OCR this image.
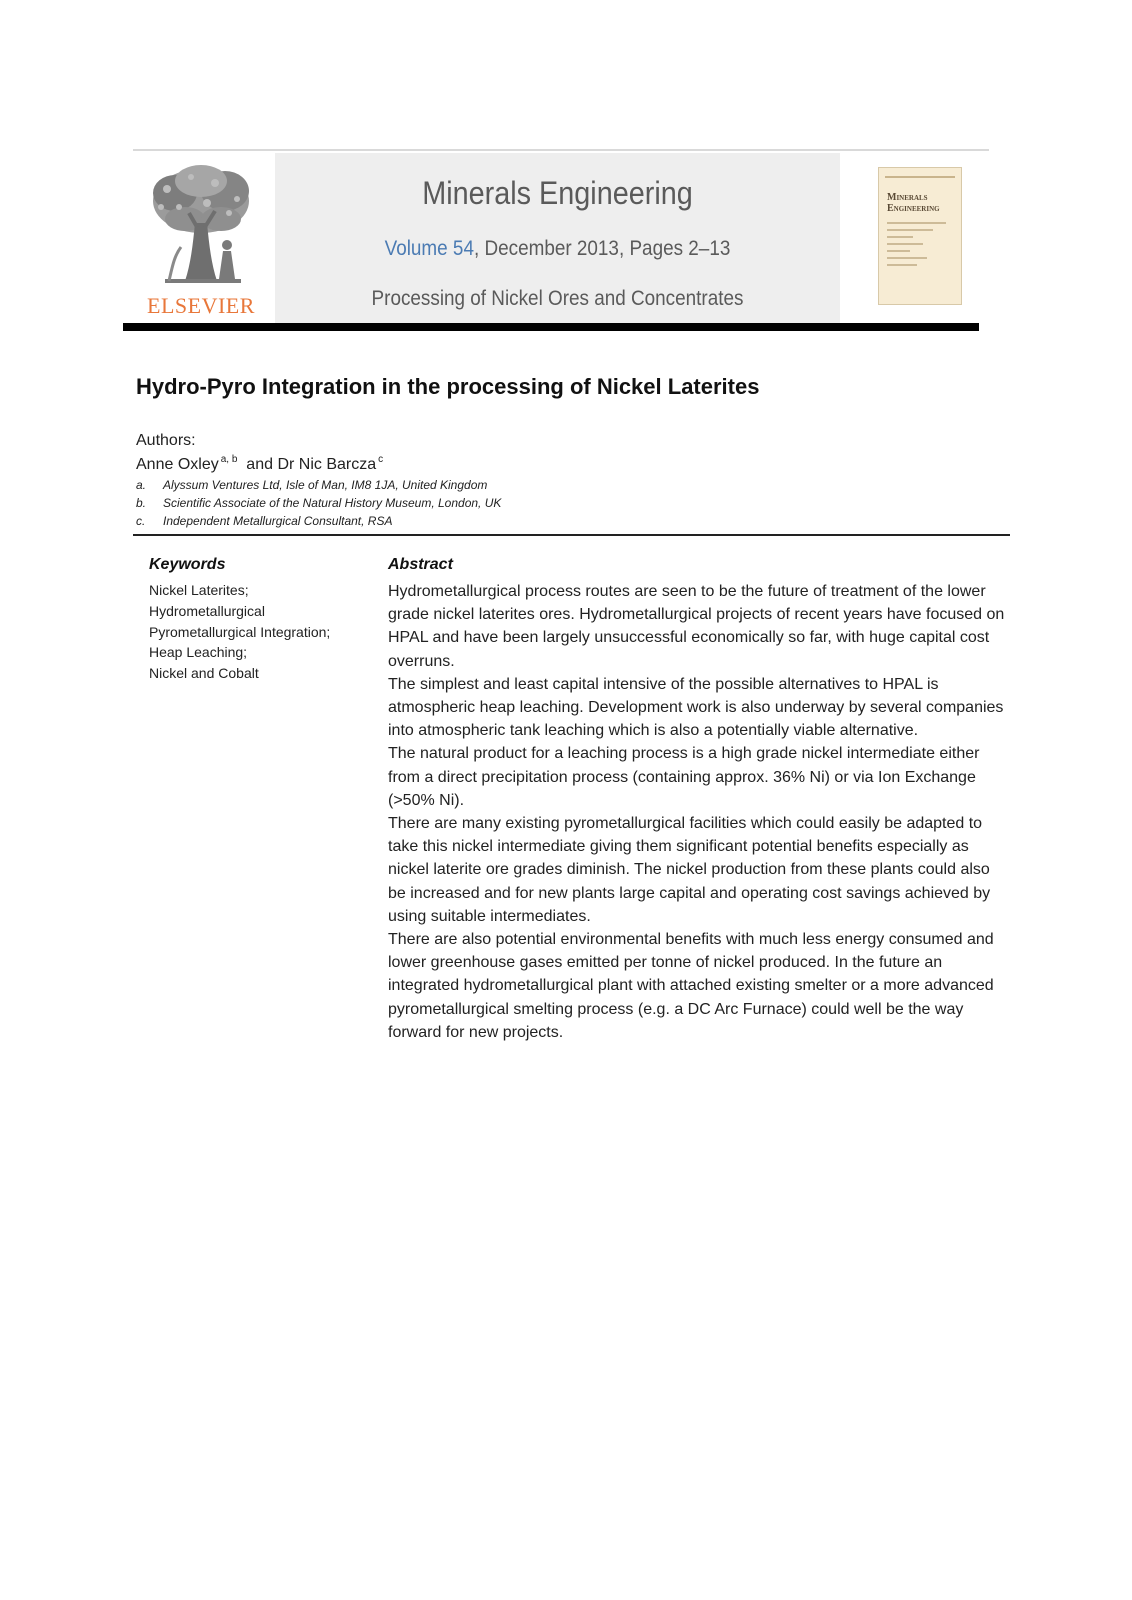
ELSEVIER
Minerals Engineering
Volume 54, December 2013, Pages 2–13
Processing of Nickel Ores and Concentrates
Minerals
Engineering
Hydro-Pyro Integration in the processing of Nickel Laterites
Authors:
Anne Oxley $^{a, b}$ and Dr Nic Barcza $^c$
a. Alyssum Ventures Ltd, Isle of Man, IM8 1JA, United Kingdom
b. Scientific Associate of the Natural History Museum, London, UK
c. Independent Metallurgical Consultant, RSA
Keywords
Nickel Laterites;
Hydrometallurgical
Pyrometallurgical Integration;
Heap Leaching;
Nickel and Cobalt
Abstract

Hydrometallurgical process routes are seen to be the future of treatment of the lower grade nickel laterites ores. Hydrometallurgical projects of recent years have focused on HPAL and have been largely unsuccessful economically so far, with huge capital cost overruns.

The simplest and least capital intensive of the possible alternatives to HPAL is atmospheric heap leaching. Development work is also underway by several companies into atmospheric tank leaching which is also a potentially viable alternative.

The natural product for a leaching process is a high grade nickel intermediate either from a direct precipitation process (containing approx. 36% Ni) or via Ion Exchange (>50% Ni).

There are many existing pyrometallurgical facilities which could easily be adapted to take this nickel intermediate giving them significant potential benefits especially as nickel laterite ore grades diminish. The nickel production from these plants could also be increased and for new plants large capital and operating cost savings achieved by using suitable intermediates.

There are also potential environmental benefits with much less energy consumed and lower greenhouse gases emitted per tonne of nickel produced. In the future an integrated hydrometallurgical plant with attached existing smelter or a more advanced pyrometallurgical smelting process (e.g. a DC Arc Furnace) could well be the way forward for new projects.
